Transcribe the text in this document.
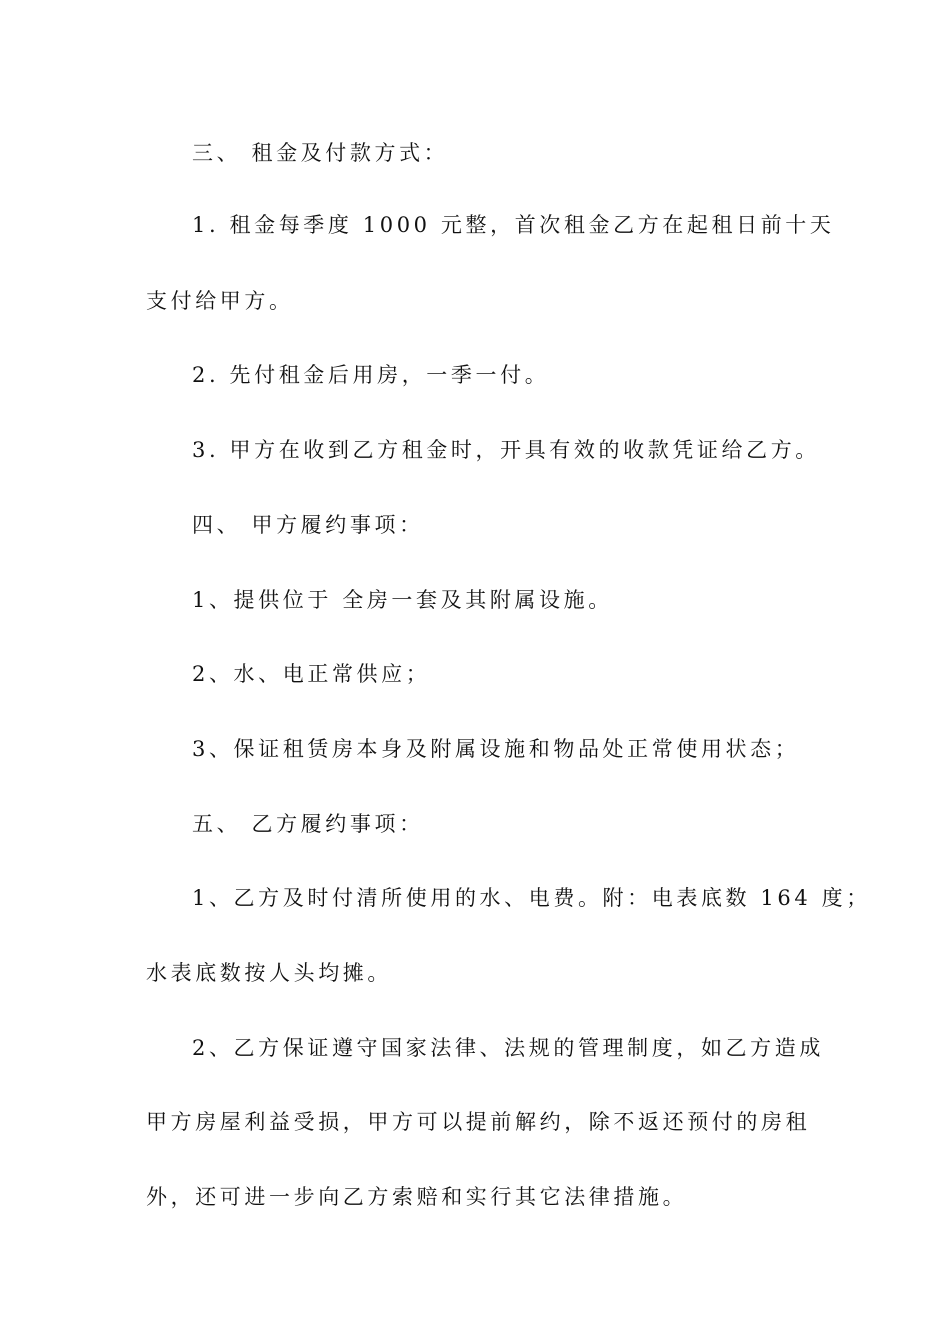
三、 租金及付款方式：
1. 租金每季度 1000 元整，首次租金乙方在起租日前十天
支付给甲方。
2. 先付租金后用房，一季一付。
3. 甲方在收到乙方租金时，开具有效的收款凭证给乙方。
四、 甲方履约事项：
1、提供位于 全房一套及其附属设施。
2、水、电正常供应；
3、保证租赁房本身及附属设施和物品处正常使用状态；
五、 乙方履约事项：
1、乙方及时付清所使用的水、电费。附：电表底数 164 度；
水表底数按人头均摊。
2、乙方保证遵守国家法律、法规的管理制度，如乙方造成
甲方房屋利益受损，甲方可以提前解约，除不返还预付的房租
外，还可进一步向乙方索赔和实行其它法律措施。
